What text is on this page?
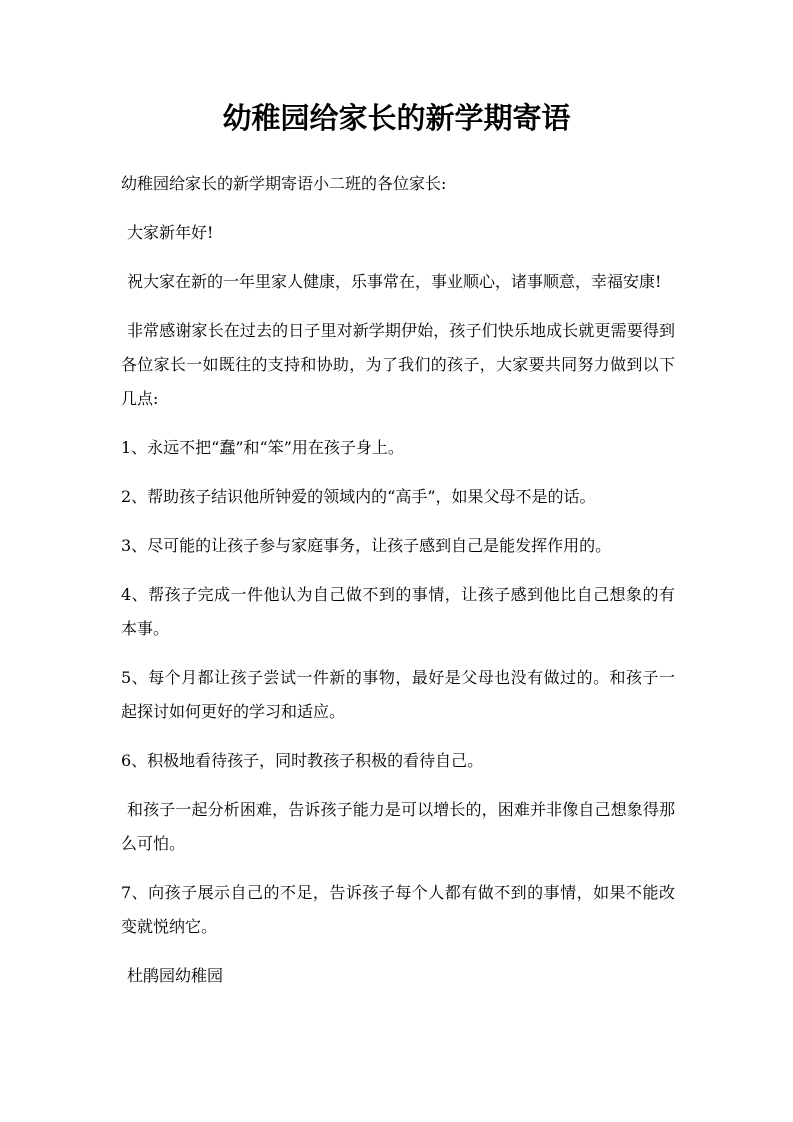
幼稚园给家长的新学期寄语

幼稚园给家长的新学期寄语小二班的各位家长:

大家新年好!

祝大家在新的一年里家人健康，乐事常在，事业顺心，诸事顺意，幸福安康!

非常感谢家长在过去的日子里对新学期伊始，孩子们快乐地成长就更需要得到各位家长一如既往的支持和协助，为了我们的孩子，大家要共同努力做到以下几点:

1、永远不把“蠢”和“笨”用在孩子身上。

2、帮助孩子结识他所钟爱的领域内的“高手”，如果父母不是的话。

3、尽可能的让孩子参与家庭事务，让孩子感到自己是能发挥作用的。

4、帮孩子完成一件他认为自己做不到的事情，让孩子感到他比自己想象的有本事。

5、每个月都让孩子尝试一件新的事物，最好是父母也没有做过的。和孩子一起探讨如何更好的学习和适应。

6、积极地看待孩子，同时教孩子积极的看待自己。

和孩子一起分析困难，告诉孩子能力是可以增长的，困难并非像自己想象得那么可怕。

7、向孩子展示自己的不足，告诉孩子每个人都有做不到的事情，如果不能改变就悦纳它。

杜鹃园幼稚园
